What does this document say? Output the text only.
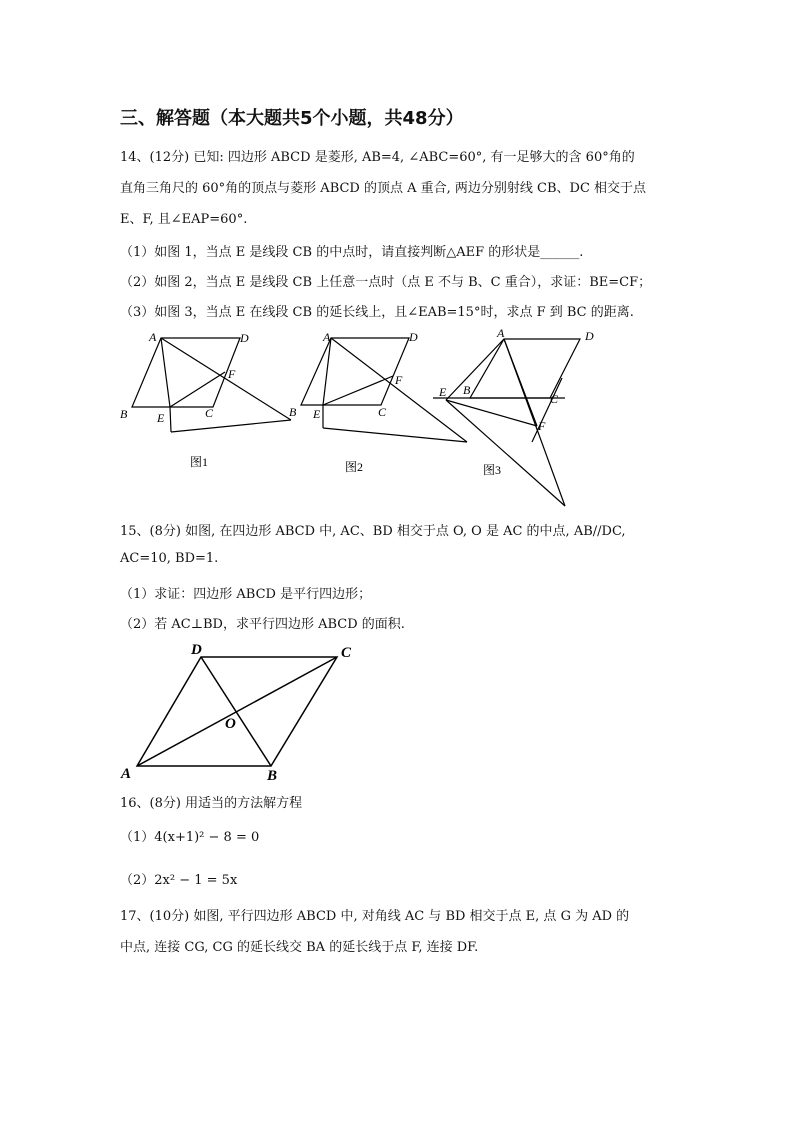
三、解答题（本大题共5个小题，共48分）
14、(12分) 已知: 四边形 ABCD 是菱形, AB=4, ∠ABC=60°, 有一足够大的含 60°角的
直角三角尺的 60°角的顶点与菱形 ABCD 的顶点 A 重合, 两边分别射线 CB、DC 相交于点
E、F, 且∠EAP=60°.
（1）如图 1，当点 E 是线段 CB 的中点时，请直接判断△AEF 的形状是______.
（2）如图 2，当点 E 是线段 CB 上任意一点时（点 E 不与 B、C 重合），求证：BE=CF；
（3）如图 3，当点 E 在线段 CB 的延长线上，且∠EAB=15°时，求点 F 到 BC 的距离.
A	D
B	C
E
F
图1
A	D
B	C
E
F
图2
A	D
B
C
E
F
图3
15、(8分) 如图, 在四边形 ABCD 中, AC、BD 相交于点 O, O 是 AC 的中点, AB//DC,
AC=10, BD=1.
（1）求证：四边形 ABCD 是平行四边形；
（2）若 AC⊥BD，求平行四边形 ABCD 的面积.
D	C
O
A	B
16、(8分) 用适当的方法解方程
（1）4(x+1)² − 8 = 0
（2）2x² − 1 = 5x
17、(10分) 如图, 平行四边形 ABCD 中, 对角线 AC 与 BD 相交于点 E, 点 G 为 AD 的
中点, 连接 CG, CG 的延长线交 BA 的延长线于点 F, 连接 DF.
